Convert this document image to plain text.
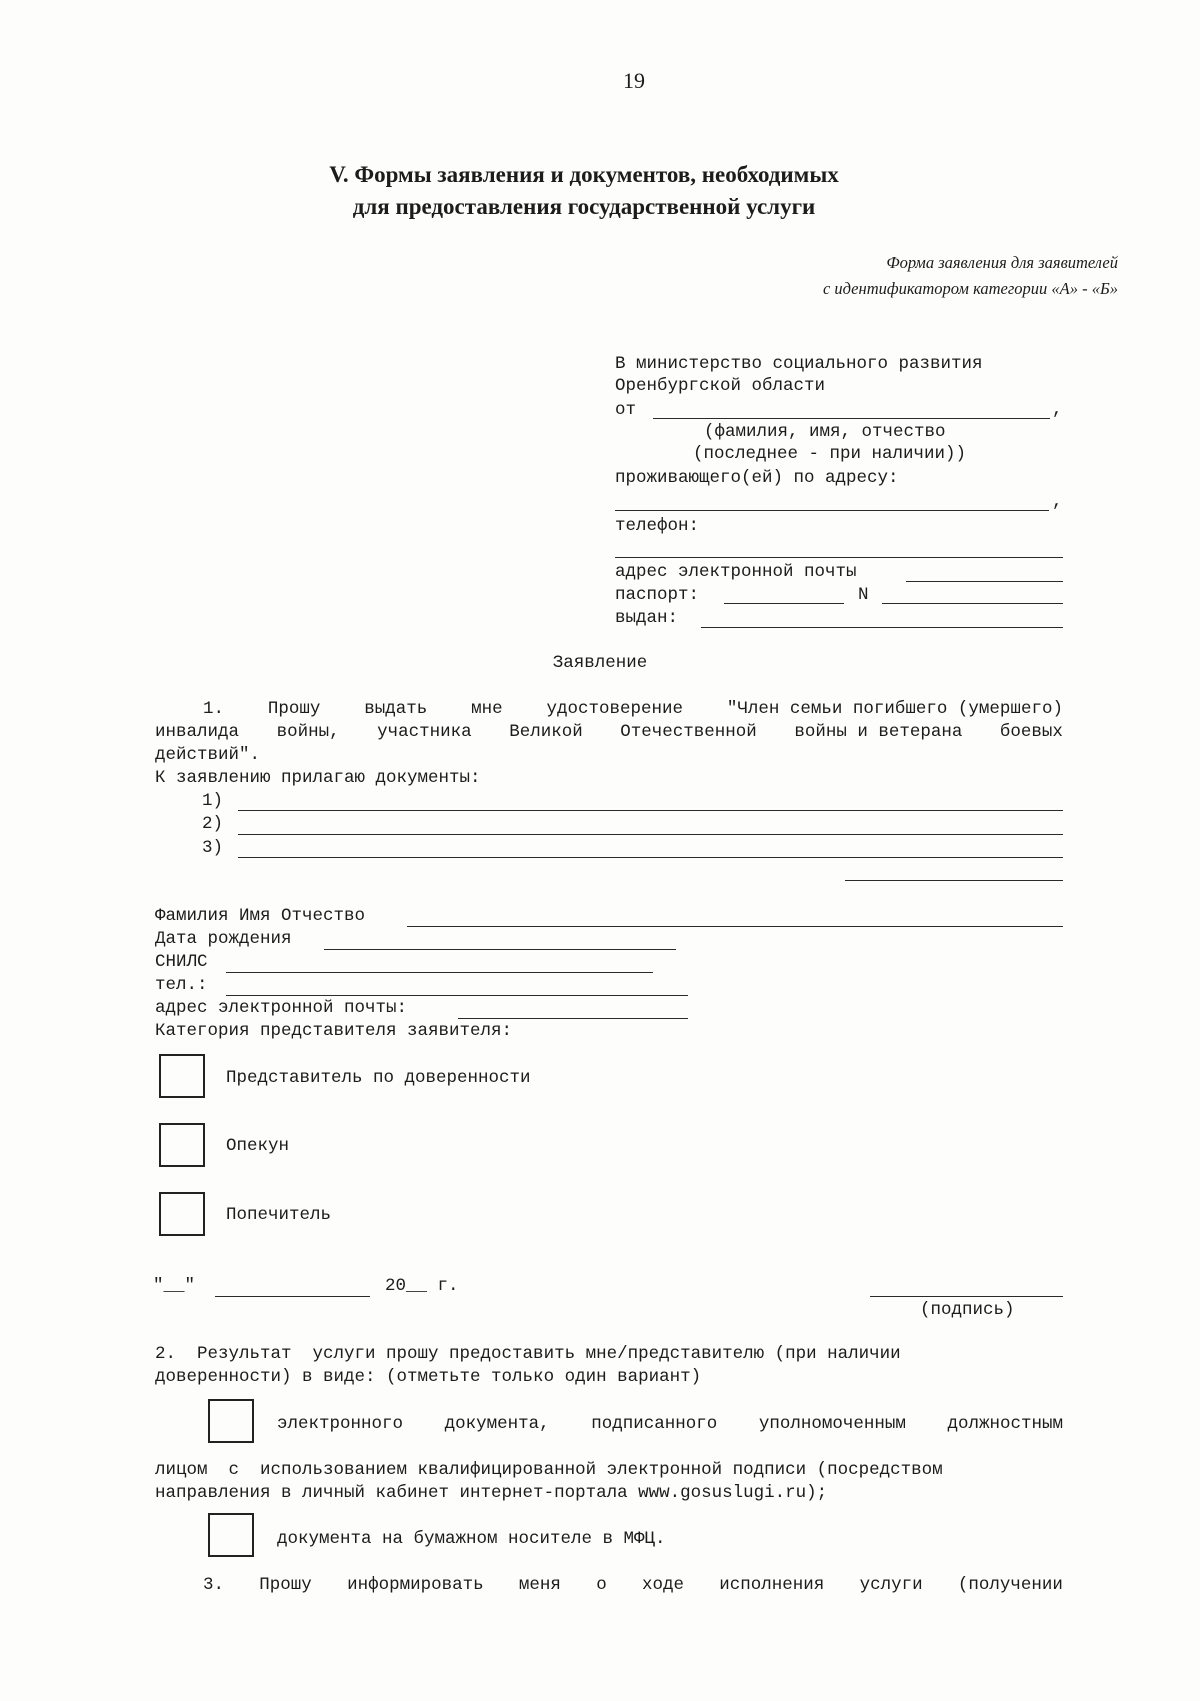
19
V. Формы заявления и документов, необходимых
для предоставления государственной услуги
Форма заявления для заявителей
с идентификатором категории «А» - «Б»
В министерство социального развития
Оренбургской области
от	,
(фамилия, имя, отчество
(последнее - при наличии))
проживающего(ей) по адресу:
,
телефон:
адрес электронной почты
паспорт:	N
выдан:
Заявление
1.	Прошу	выдать	мне	удостоверение	"Член семьи погибшего (умершего)
инвалида войны, участника Великой Отечественной войны и ветерана боевых
действий".
К заявлению прилагаю документы:
1)
2)
3)
Фамилия Имя Отчество
Дата рождения
СНИЛС
тел.:
адрес электронной почты:
Категория представителя заявителя:
Представитель по доверенности
Опекун
Попечитель
"__"	20__ г.
(подпись)
2.  Результат  услуги прошу предоставить мне/представителю (при наличии
доверенности) в виде: (отметьте только один вариант)
электронного документа, подписанного уполномоченным должностным
лицом  с  использованием квалифицированной электронной подписи (посредством
направления в личный кабинет интернет-портала www.gosuslugi.ru);
документа на бумажном носителе в МФЦ.
3. Прошу информировать меня о ходе исполнения услуги (получении
